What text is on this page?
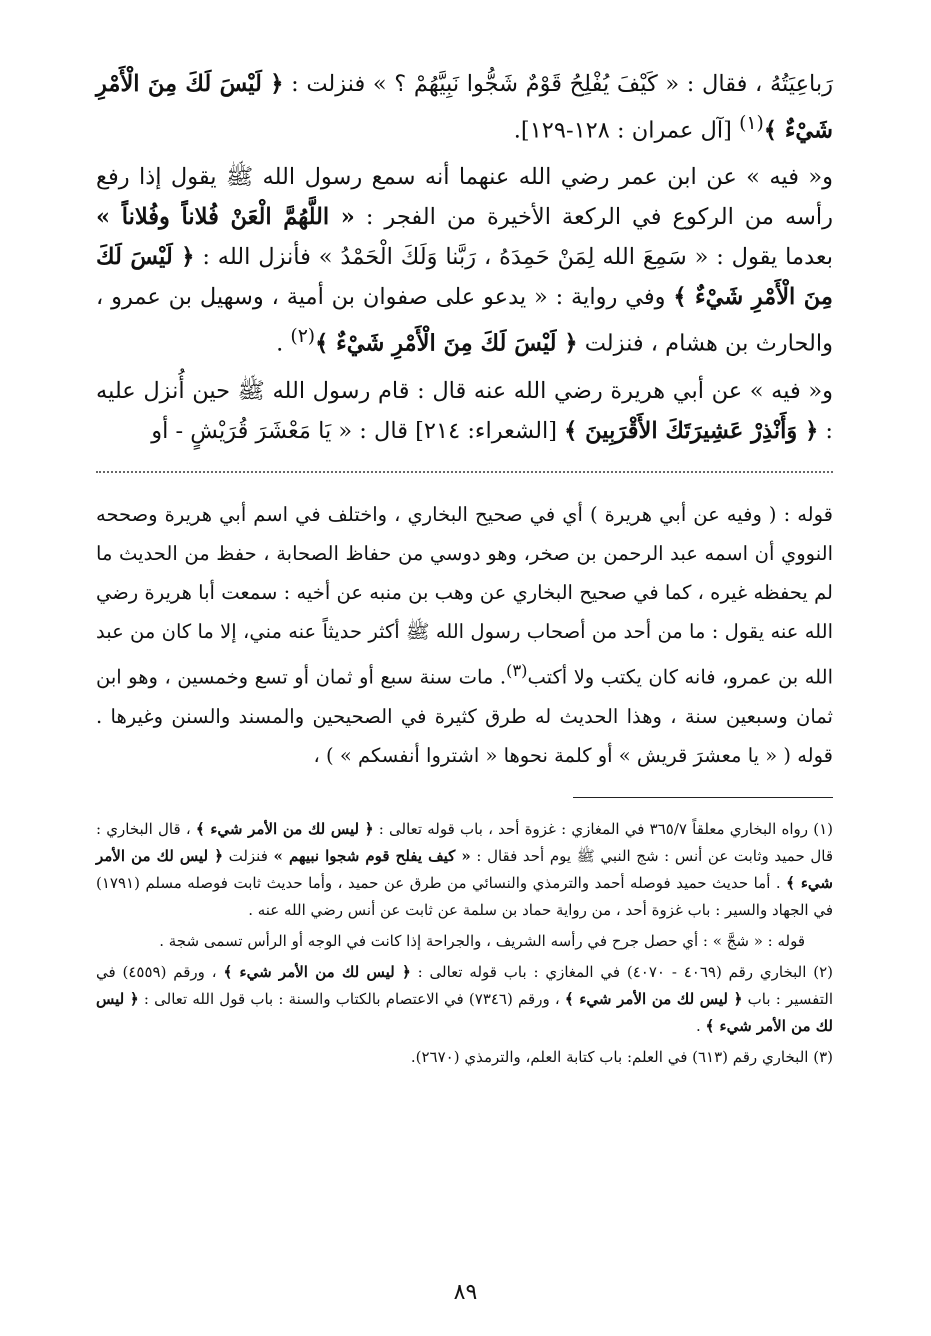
رَباعِيَتُهُ ، فقال : « كَيْفَ يُفْلِحُ قَوْمٌ شَجُّوا نَبِيَّهُمْ ؟ » فنزلت : ﴿ لَيْسَ لَكَ مِنَ الْأَمْرِ شَيْءٌ ﴾$^{(١)}$ [آل عمران : ١٢٨-١٢٩].

و« فيه » عن ابن عمر رضي الله عنهما أنه سمع رسول الله ﷺ يقول إذا رفع رأسه من الركوع في الركعة الأخيرة من الفجر : « اللَّهُمَّ الْعَنْ فُلاناً وفُلاناً » بعدما يقول : « سَمِعَ الله لِمَنْ حَمِدَهُ ، رَبَّنا وَلَكَ الْحَمْدُ » فأنزل الله : ﴿ لَيْسَ لَكَ مِنَ الْأَمْرِ شَيْءٌ ﴾ وفي رواية : « يدعو على صفوان بن أمية ، وسهيل بن عمرو ، والحارث بن هشام ، فنزلت ﴿ لَيْسَ لَكَ مِنَ الْأَمْرِ شَيْءٌ ﴾$^{(٢)}$ .

و« فيه » عن أبي هريرة رضي الله عنه قال : قام رسول الله ﷺ حين أُنزل عليه : ﴿ وَأَنْذِرْ عَشِيرَتَكَ الأَقْرَبِينَ ﴾ [الشعراء: ٢١٤] قال : « يَا مَعْشَرَ قُرَيْشٍ - أو

قوله : ( وفيه عن أبي هريرة ) أي في صحيح البخاري ، واختلف في اسم أبي هريرة وصححه النووي أن اسمه عبد الرحمن بن صخر، وهو دوسي من حفاظ الصحابة ، حفظ من الحديث ما لم يحفظه غيره ، كما في صحيح البخاري عن وهب بن منبه عن أخيه : سمعت أبا هريرة رضي الله عنه يقول : ما من أحد من أصحاب رسول الله ﷺ أكثر حديثاً عنه مني، إلا ما كان من عبد الله بن عمرو، فانه كان يكتب ولا أكتب$^{(٣)}$. مات سنة سبع أو ثمان أو تسع وخمسين ، وهو ابن ثمان وسبعين سنة ، وهذا الحديث له طرق كثيرة في الصحيحين والمسند والسنن وغيرها . قوله ( « يا معشرَ قريش » أو كلمة نحوها « اشتروا أنفسكم » ) ،

(١) رواه البخاري معلقاً ٣٦٥/٧ في المغازي : غزوة أحد ، باب قوله تعالى : ﴿ ليس لك من الأمر شيء ﴾ ، قال البخاري : قال حميد وثابت عن أنس : شج النبي ﷺ يوم أحد فقال : « كيف يفلح قوم شجوا نبيهم » فنزلت ﴿ ليس لك من الأمر شيء ﴾ . أما حديث حميد فوصله أحمد والترمذي والنسائي من طرق عن حميد ، وأما حديث ثابت فوصله مسلم (١٧٩١) في الجهاد والسير : باب غزوة أحد ، من رواية حماد بن سلمة عن ثابت عن أنس رضي الله عنه .

قوله : « شجَّ » : أي حصل جرح في رأسه الشريف ، والجراحة إذا كانت في الوجه أو الرأس تسمى شجة .

(٢) البخاري رقم (٤٠٦٩ - ٤٠٧٠) في المغازي : باب قوله تعالى : ﴿ ليس لك من الأمر شيء ﴾ ، ورقم (٤٥٥٩) في التفسير : باب ﴿ ليس لك من الأمر شيء ﴾ ، ورقم (٧٣٤٦) في الاعتصام بالكتاب والسنة : باب قول الله تعالى : ﴿ ليس لك من الأمر شيء ﴾ .

(٣) البخاري رقم (٦١٣) في العلم: باب كتابة العلم، والترمذي (٢٦٧٠).

٨٩
